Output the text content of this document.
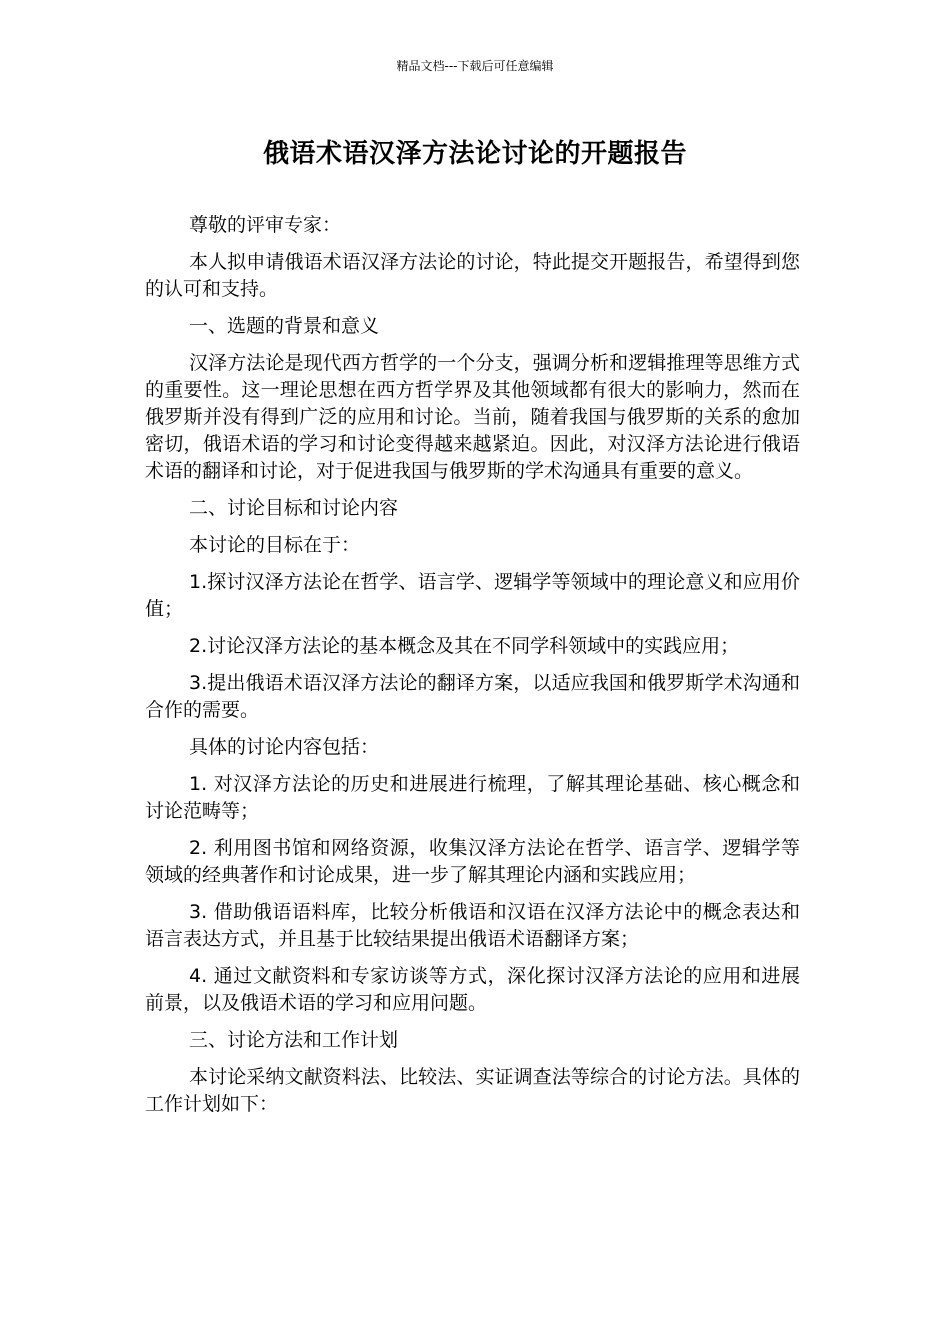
精品文档---下载后可任意编辑
俄语术语汉泽方法论讨论的开题报告

尊敬的评审专家：

本人拟申请俄语术语汉泽方法论的讨论，特此提交开题报告，希望得到您的认可和支持。

一、选题的背景和意义

汉泽方法论是现代西方哲学的一个分支，强调分析和逻辑推理等思维方式的重要性。这一理论思想在西方哲学界及其他领域都有很大的影响力，然而在俄罗斯并没有得到广泛的应用和讨论。当前，随着我国与俄罗斯的关系的愈加密切，俄语术语的学习和讨论变得越来越紧迫。因此，对汉泽方法论进行俄语术语的翻译和讨论，对于促进我国与俄罗斯的学术沟通具有重要的意义。

二、讨论目标和讨论内容

本讨论的目标在于：

1.探讨汉泽方法论在哲学、语言学、逻辑学等领域中的理论意义和应用价值；

2.讨论汉泽方法论的基本概念及其在不同学科领域中的实践应用；

3.提出俄语术语汉泽方法论的翻译方案，以适应我国和俄罗斯学术沟通和合作的需要。

具体的讨论内容包括：

1. 对汉泽方法论的历史和进展进行梳理，了解其理论基础、核心概念和讨论范畴等；

2. 利用图书馆和网络资源，收集汉泽方法论在哲学、语言学、逻辑学等领域的经典著作和讨论成果，进一步了解其理论内涵和实践应用；

3. 借助俄语语料库，比较分析俄语和汉语在汉泽方法论中的概念表达和语言表达方式，并且基于比较结果提出俄语术语翻译方案；

4. 通过文献资料和专家访谈等方式，深化探讨汉泽方法论的应用和进展前景，以及俄语术语的学习和应用问题。

三、讨论方法和工作计划

本讨论采纳文献资料法、比较法、实证调查法等综合的讨论方法。具体的工作计划如下：
